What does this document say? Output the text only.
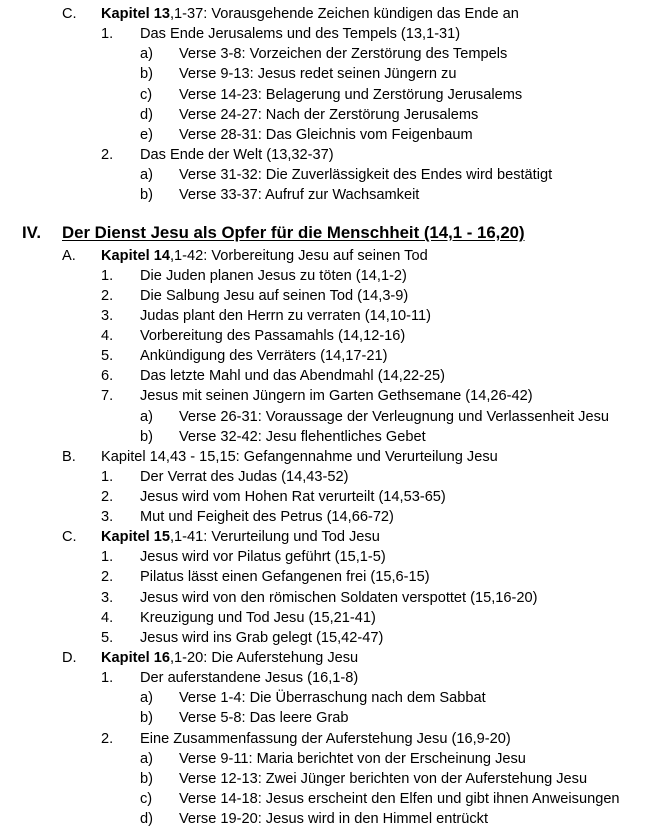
C. Kapitel 13,1-37: Vorausgehende Zeichen kündigen das Ende an
1. Das Ende Jerusalems und des Tempels (13,1-31)
a) Verse 3-8: Vorzeichen der Zerstörung des Tempels
b) Verse 9-13: Jesus redet seinen Jüngern zu
c) Verse 14-23: Belagerung und Zerstörung Jerusalems
d) Verse 24-27: Nach der Zerstörung Jerusalems
e) Verse 28-31: Das Gleichnis vom Feigenbaum
2. Das Ende der Welt (13,32-37)
a) Verse 31-32: Die Zuverlässigkeit des Endes wird bestätigt
b) Verse 33-37: Aufruf zur Wachsamkeit
IV. Der Dienst Jesu als Opfer für die Menschheit (14,1 - 16,20)
A. Kapitel 14,1-42: Vorbereitung Jesu auf seinen Tod
1. Die Juden planen Jesus zu töten (14,1-2)
2. Die Salbung Jesu auf seinen Tod (14,3-9)
3. Judas plant den Herrn zu verraten (14,10-11)
4. Vorbereitung des Passamahls (14,12-16)
5. Ankündigung des Verräters (14,17-21)
6. Das letzte Mahl und das Abendmahl (14,22-25)
7. Jesus mit seinen Jüngern im Garten Gethsemane (14,26-42)
a) Verse 26-31: Voraussage der Verleugnung und Verlassenheit Jesu
b) Verse 32-42: Jesu flehentliches Gebet
B. Kapitel 14,43 - 15,15: Gefangennahme und Verurteilung Jesu
1. Der Verrat des Judas (14,43-52)
2. Jesus wird vom Hohen Rat verurteilt (14,53-65)
3. Mut und Feigheit des Petrus (14,66-72)
C. Kapitel 15,1-41: Verurteilung und Tod Jesu
1. Jesus wird vor Pilatus geführt (15,1-5)
2. Pilatus lässt einen Gefangenen frei (15,6-15)
3. Jesus wird von den römischen Soldaten verspottet (15,16-20)
4. Kreuzigung und Tod Jesu (15,21-41)
5. Jesus wird ins Grab gelegt (15,42-47)
D. Kapitel 16,1-20: Die Auferstehung Jesu
1. Der auferstandene Jesus (16,1-8)
a) Verse 1-4: Die Überraschung nach dem Sabbat
b) Verse 5-8: Das leere Grab
2. Eine Zusammenfassung der Auferstehung Jesu (16,9-20)
a) Verse 9-11: Maria berichtet von der Erscheinung Jesu
b) Verse 12-13: Zwei Jünger berichten von der Auferstehung Jesu
c) Verse 14-18: Jesus erscheint den Elfen und gibt ihnen Anweisungen
d) Verse 19-20: Jesus wird in den Himmel entrückt
